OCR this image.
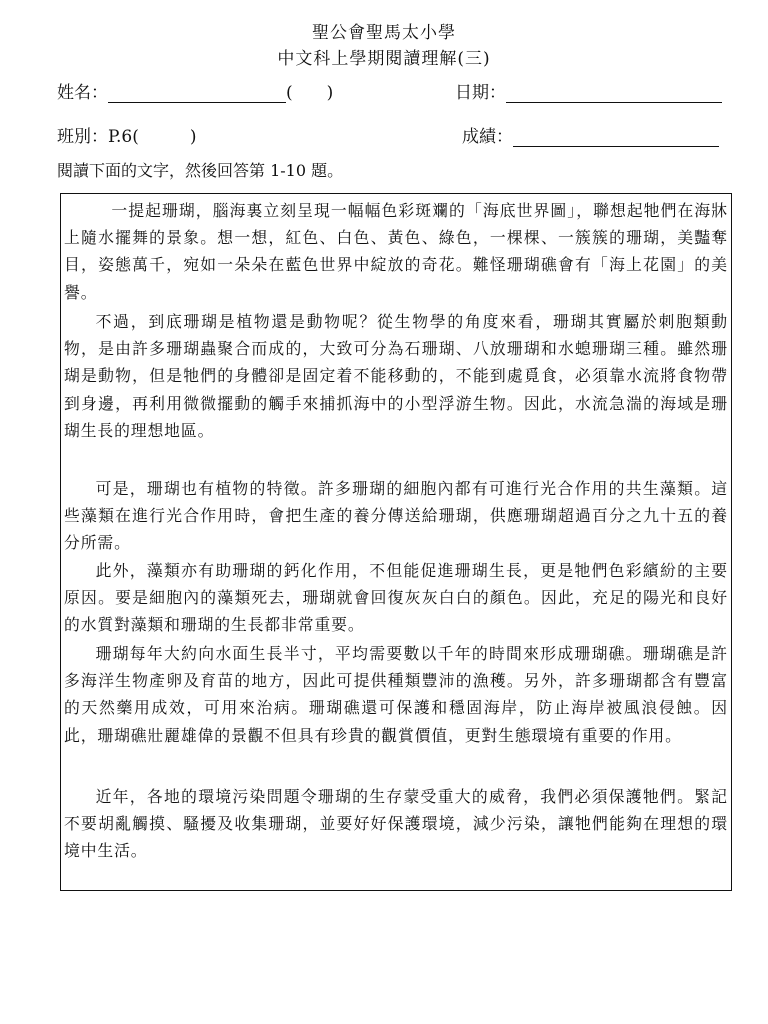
聖公會聖馬太小學
中文科上學期閱讀理解(三)
姓名：	(　　)	日期：
班別：P.6(　　　)	成績：
閱讀下面的文字，然後回答第 1-10 題。

一提起珊瑚，腦海裏立刻呈現一幅幅色彩斑斕的「海底世界圖」，聯想起牠們在海牀上隨水擺舞的景象。想一想，紅色、白色、黃色、綠色，一棵棵、一簇簇的珊瑚，美豔奪目，姿態萬千，宛如一朵朵在藍色世界中綻放的奇花。難怪珊瑚礁會有「海上花園」的美譽。

不過，到底珊瑚是植物還是動物呢？從生物學的角度來看，珊瑚其實屬於刺胞類動物，是由許多珊瑚蟲聚合而成的，大致可分為石珊瑚、八放珊瑚和水螅珊瑚三種。雖然珊瑚是動物，但是牠們的身體卻是固定着不能移動的，不能到處覓食，必須靠水流將食物帶到身邊，再利用微微擺動的觸手來捕抓海中的小型浮游生物。因此，水流急湍的海域是珊瑚生長的理想地區。

可是，珊瑚也有植物的特徵。許多珊瑚的細胞內都有可進行光合作用的共生藻類。這些藻類在進行光合作用時，會把生產的養分傳送給珊瑚，供應珊瑚超過百分之九十五的養分所需。

此外，藻類亦有助珊瑚的鈣化作用，不但能促進珊瑚生長，更是牠們色彩繽紛的主要原因。要是細胞內的藻類死去，珊瑚就會回復灰灰白白的顏色。因此，充足的陽光和良好的水質對藻類和珊瑚的生長都非常重要。

珊瑚每年大約向水面生長半寸，平均需要數以千年的時間來形成珊瑚礁。珊瑚礁是許多海洋生物產卵及育苗的地方，因此可提供種類豐沛的漁穫。另外，許多珊瑚都含有豐富的天然藥用成效，可用來治病。珊瑚礁還可保護和穩固海岸，防止海岸被風浪侵蝕。因此，珊瑚礁壯麗雄偉的景觀不但具有珍貴的觀賞價值，更對生態環境有重要的作用。

近年，各地的環境污染問題令珊瑚的生存蒙受重大的威脅，我們必須保護牠們。緊記不要胡亂觸摸、騷擾及收集珊瑚，並要好好保護環境，減少污染，讓牠們能夠在理想的環境中生活。
